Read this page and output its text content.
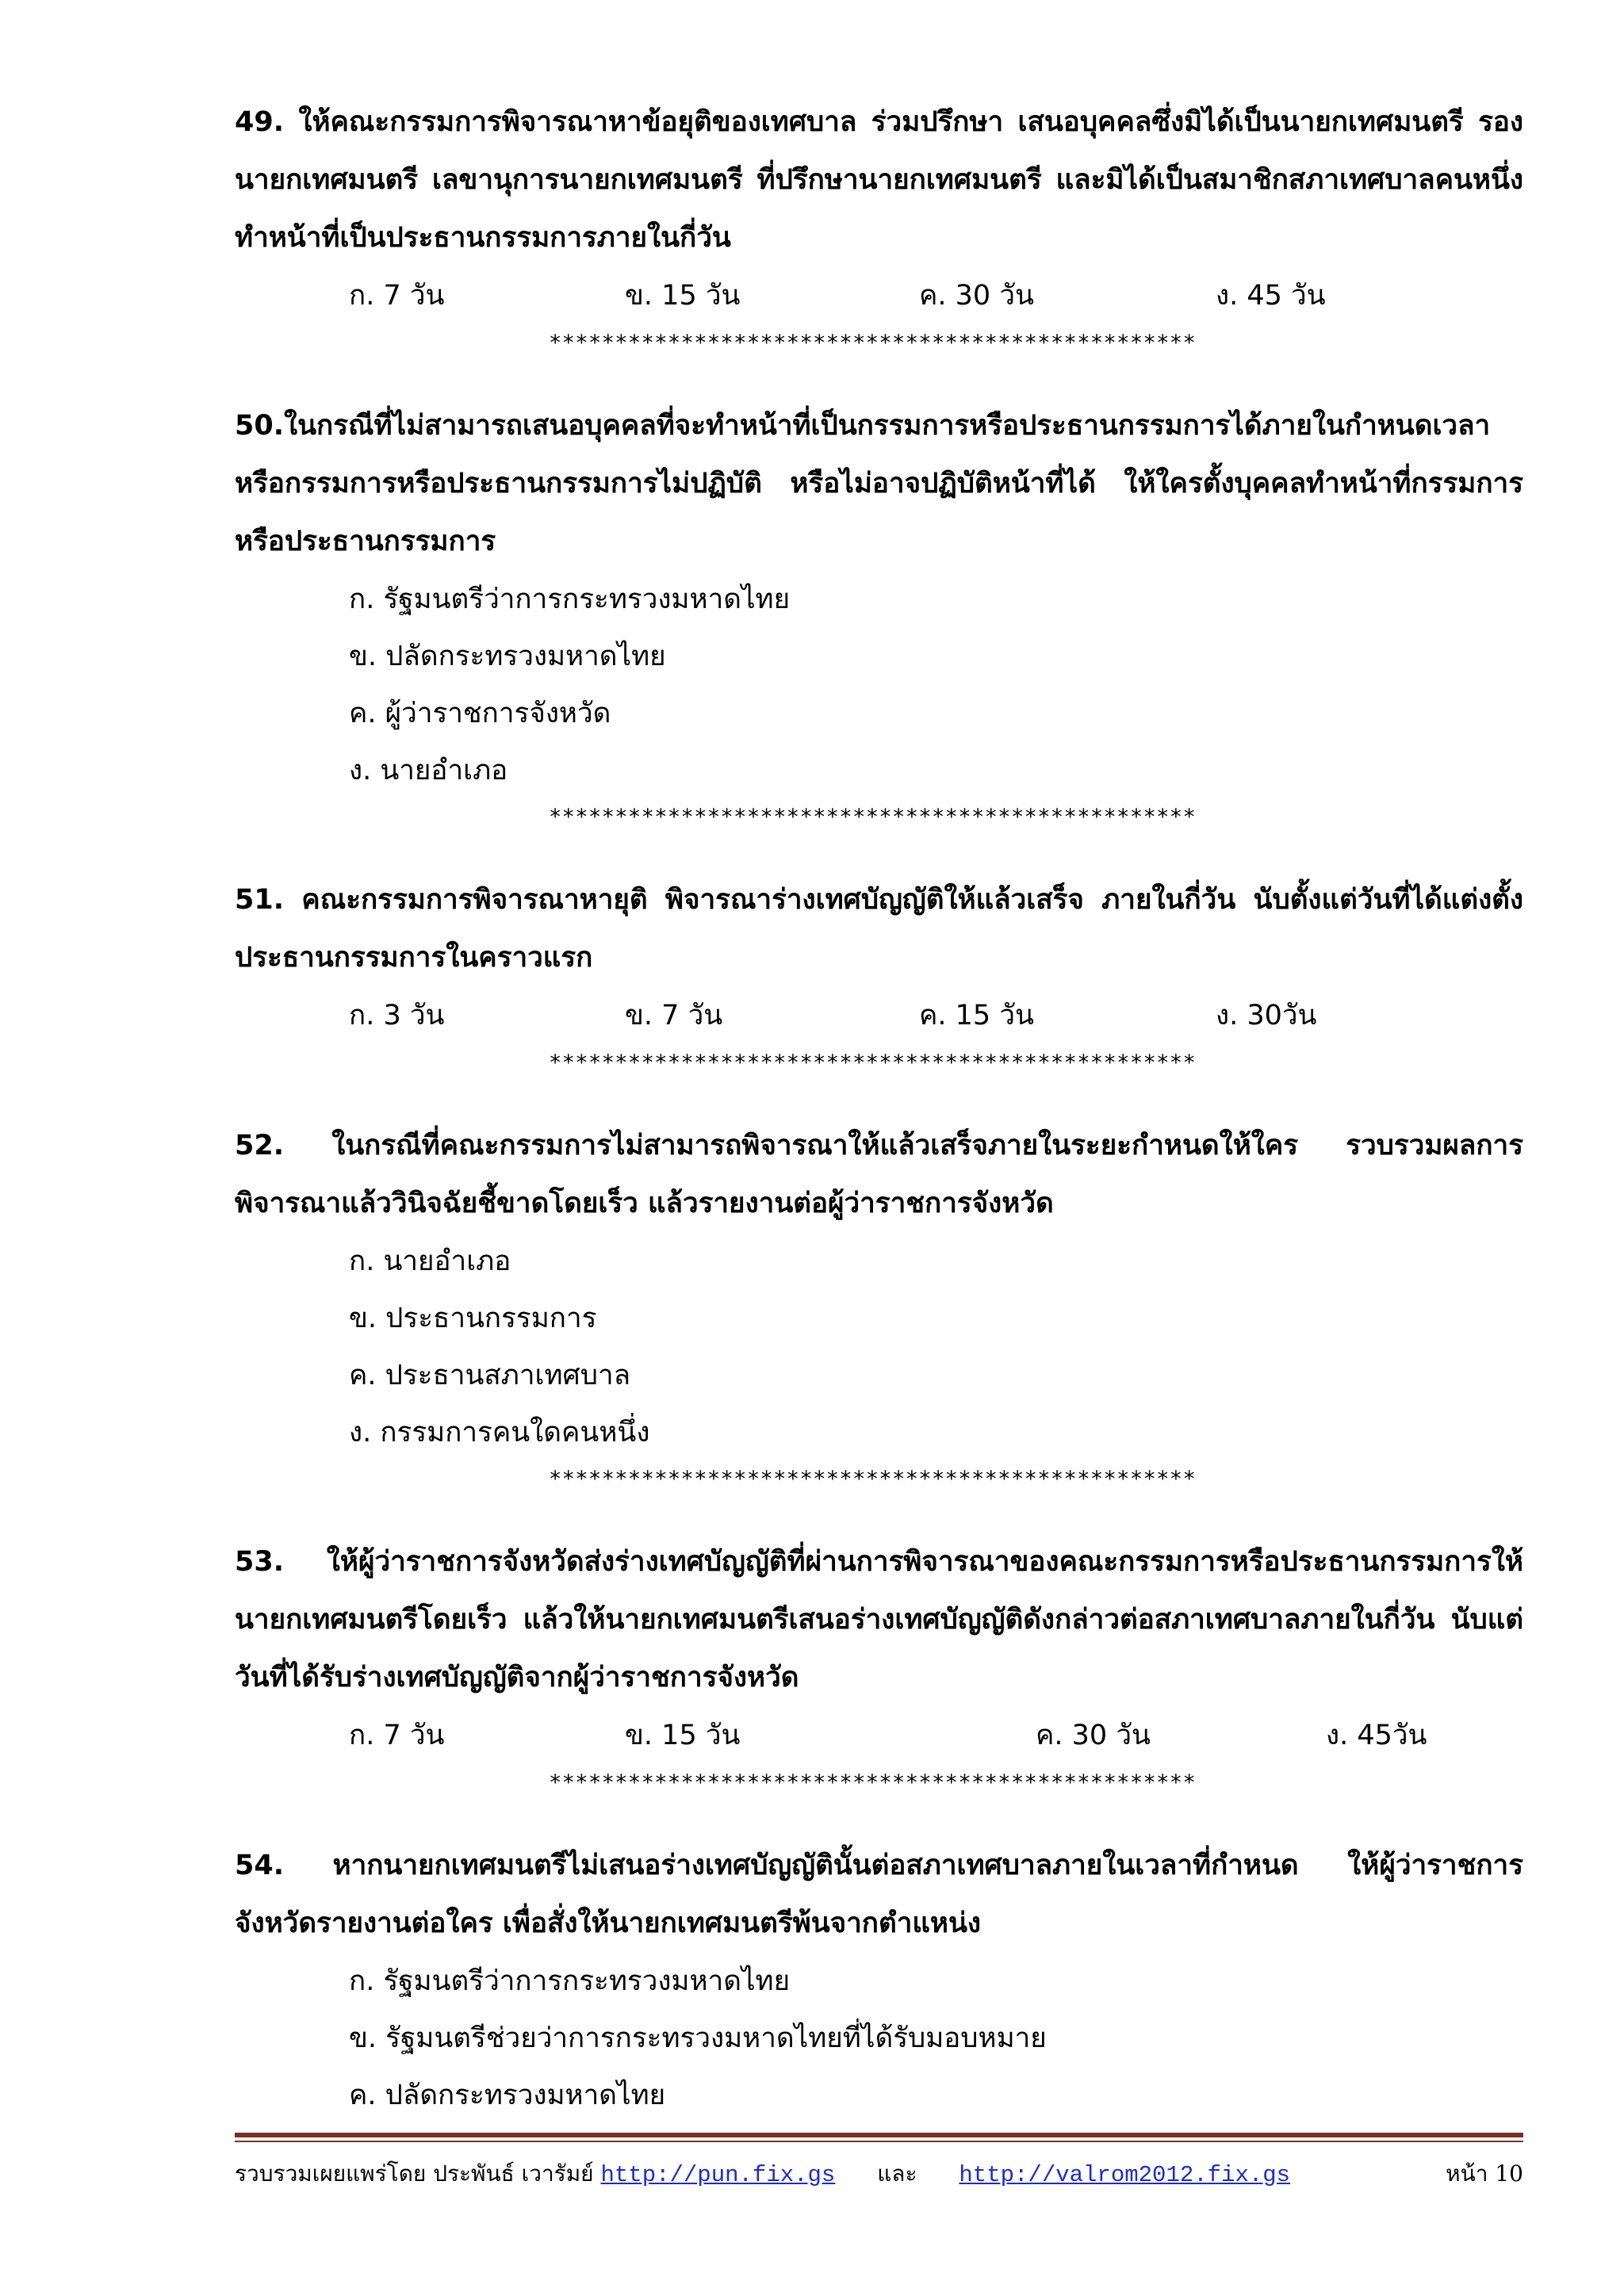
49. ให้คณะกรรมการพิจารณาหาข้อยุติของเทศบาล ร่วมปรึกษา เสนอบุคคลซึ่งมิได้เป็นนายกเทศมนตรี รองนายกเทศมนตรี เลขานุการนายกเทศมนตรี ที่ปรึกษานายกเทศมนตรี และมิได้เป็นสมาชิกสภาเทศบาลคนหนึ่ง ทำหน้าที่เป็นประธานกรรมการภายในกี่วัน

ก. 7 วัน	ข. 15 วัน	ค. 30 วัน	ง. 45 วัน
*************************************************

50.ในกรณีที่ไม่สามารถเสนอบุคคลที่จะทำหน้าที่เป็นกรรมการหรือประธานกรรมการได้ภายในกำหนดเวลา หรือกรรมการหรือประธานกรรมการไม่ปฏิบัติ หรือไม่อาจปฏิบัติหน้าที่ได้ ให้ใครตั้งบุคคลทำหน้าที่กรรมการหรือประธานกรรมการ

ก. รัฐมนตรีว่าการกระทรวงมหาดไทย
ข. ปลัดกระทรวงมหาดไทย
ค. ผู้ว่าราชการจังหวัด
ง. นายอำเภอ
*************************************************

51. คณะกรรมการพิจารณาหายุติ พิจารณาร่างเทศบัญญัติให้แล้วเสร็จ ภายในกี่วัน นับตั้งแต่วันที่ได้แต่งตั้งประธานกรรมการในคราวแรก

ก. 3 วัน	ข. 7 วัน	ค. 15 วัน	ง. 30วัน
*************************************************

52. ในกรณีที่คณะกรรมการไม่สามารถพิจารณาให้แล้วเสร็จภายในระยะกำหนดให้ใคร รวบรวมผลการพิจารณาแล้ววินิจฉัยชี้ขาดโดยเร็ว แล้วรายงานต่อผู้ว่าราชการจังหวัด

ก. นายอำเภอ
ข. ประธานกรรมการ
ค. ประธานสภาเทศบาล
ง. กรรมการคนใดคนหนึ่ง
*************************************************

53. ให้ผู้ว่าราชการจังหวัดส่งร่างเทศบัญญัติที่ผ่านการพิจารณาของคณะกรรมการหรือประธานกรรมการให้นายกเทศมนตรีโดยเร็ว แล้วให้นายกเทศมนตรีเสนอร่างเทศบัญญัติดังกล่าวต่อสภาเทศบาลภายในกี่วัน นับแต่วันที่ได้รับร่างเทศบัญญัติจากผู้ว่าราชการจังหวัด

ก. 7 วัน	ข. 15 วัน	ค. 30 วัน	ง. 45วัน
*************************************************

54. หากนายกเทศมนตรีไม่เสนอร่างเทศบัญญัตินั้นต่อสภาเทศบาลภายในเวลาที่กำหนด ให้ผู้ว่าราชการจังหวัดรายงานต่อใคร เพื่อสั่งให้นายกเทศมนตรีพ้นจากตำแหน่ง

ก. รัฐมนตรีว่าการกระทรวงมหาดไทย
ข. รัฐมนตรีช่วยว่าการกระทรวงมหาดไทยที่ได้รับมอบหมาย
ค. ปลัดกระทรวงมหาดไทย
รวบรวมเผยแพร่โดย ประพันธ์ เวารัมย์ http://pun.fix.gs และ http://valrom2012.fix.gs	หน้า 10
